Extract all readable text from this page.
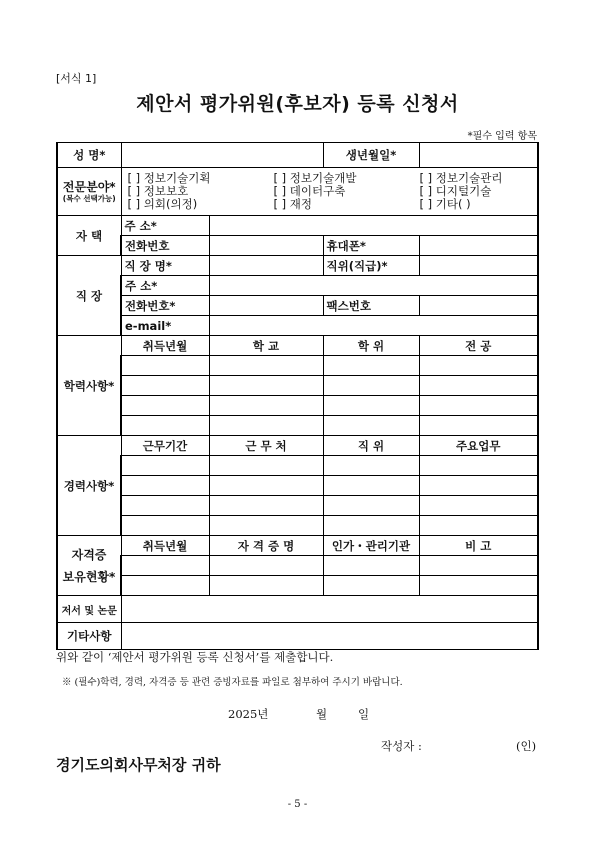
[서식 1]
제안서 평가위원(후보자) 등록 신청서
*필수 입력 항목
성 명*			생년월일*	

전문분야*
(복수 선택가능)	[ ] 정보기술기획 [ ] 정보기술개발 [ ] 정보기술관리
[ ] 정보보호 [ ] 데이터구축 [ ] 디지털기술
[ ] 의회(의정) [ ] 재정 [ ] 기타( )			

자 택	주 소*			
	전화번호		휴대폰*	
직 장	직 장 명*		직위(직급)*	
	주 소*			
	전화번호*		팩스번호	
	e-mail*			
학력사항*	취득년월	학 교	학 위	전 공

경력사항*	근무기간	근 무 처	직 위	주요업무

자격증
보유현황*	취득년월	자 격 증 명	인가・관리기관	비 고

저서 및 논문				
기타사항				
위와 같이 ‘제안서 평가위원 등록 신청서’를 제출합니다.
※ (필수)학력, 경력, 자격증 등 관련 증빙자료를 파일로 첨부하여 주시기 바랍니다.
2025년	월	일
작성자 :	(인)
경기도의회사무처장 귀하
- 5 -
